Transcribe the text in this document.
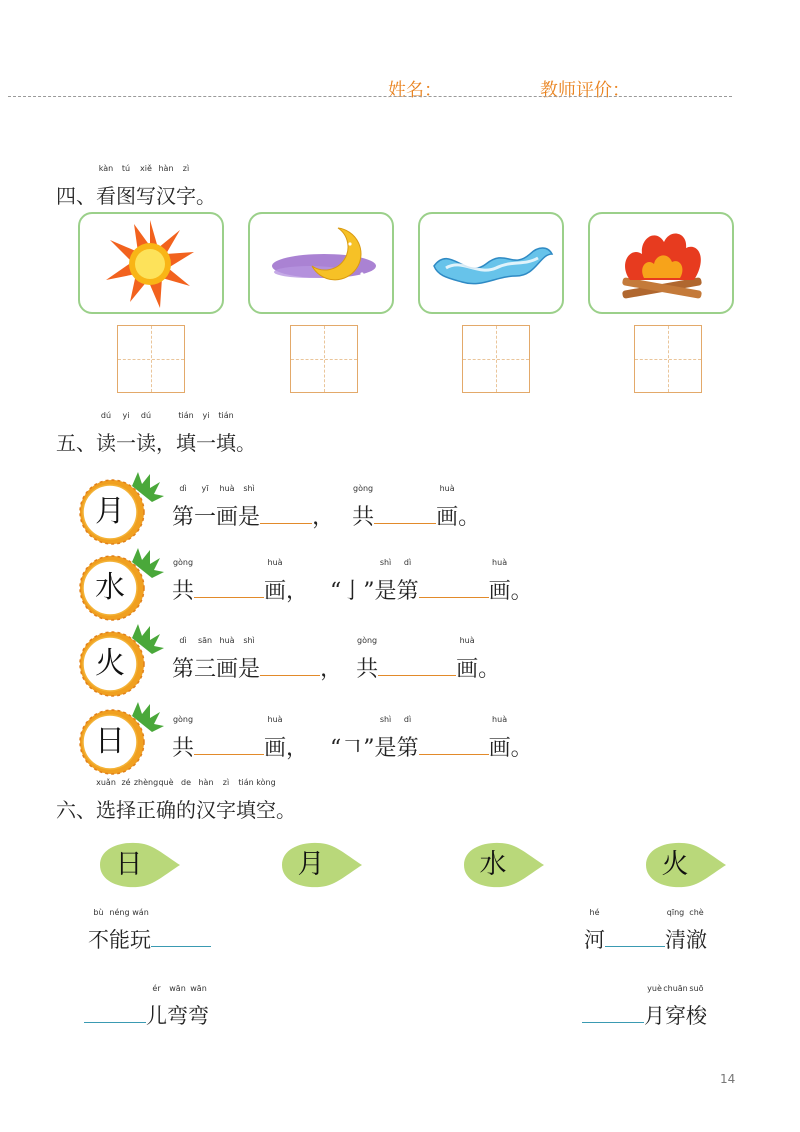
姓名：	教师评价：
四、
kàn
看
tú
图
xiě
写
hàn
汉
zì
字。
五、
dú
读
yi
一
dú
读
，
tián
填
yi
一
tián
填。
月
水
火
日
dì
第
yī
一
huà
画
shì
是 ，
gòng
共
huà
画。
gòng
共
huà
画， “亅”
shì
是
dì
第
huà
画。
dì
第
sān
三
huà
画
shì
是	，
gòng
共
huà
画。
gòng
共
huà
画， “𠃍”
shì
是
dì
第
huà
画。
六、
xuǎn
选
zé
择
zhèng
正
què
确
de
的
hàn
汉
zì
字
tián
填
kòng
空。
日	月	水	火
bù
不
néng
能
wán
玩
hé
河
qīng
清
chè
澈
ér
儿
wān
弯
wān
弯
yuè
月
chuān
穿
suō
梭
14
